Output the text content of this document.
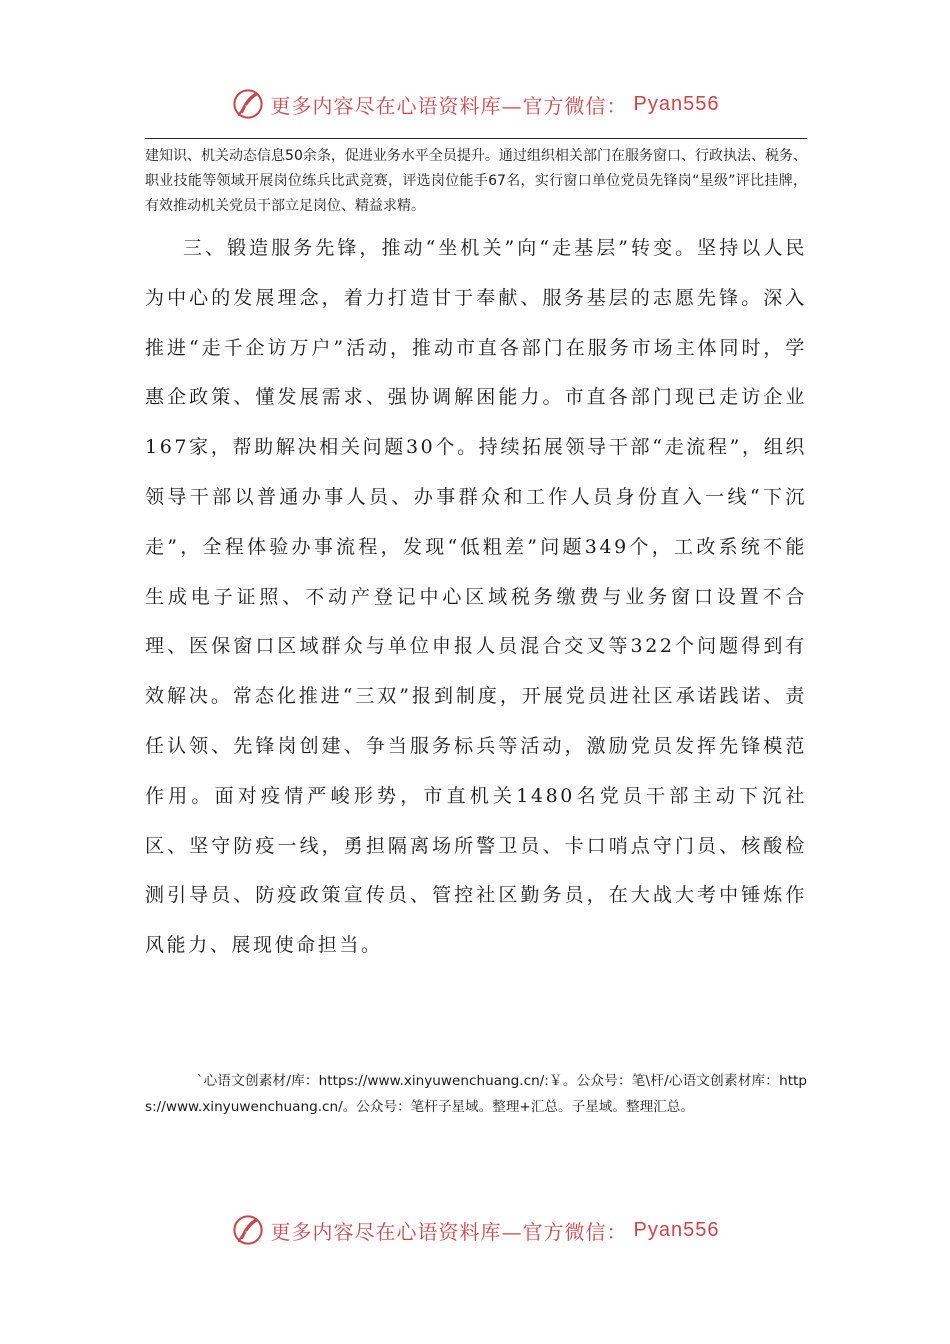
更多内容尽在心语资料库—官方微信： Pyan556

建知识、机关动态信息50余条，促进业务水平全员提升。通过组织相关部门在服务窗口、行政执法、税务、职业技能等领域开展岗位练兵比武竞赛，评选岗位能手67名，实行窗口单位党员先锋岗“星级”评比挂牌，有效推动机关党员干部立足岗位、精益求精。

三、锻造服务先锋，推动“坐机关”向“走基层”转变。坚持以人民为中心的发展理念，着力打造甘于奉献、服务基层的志愿先锋。深入推进“走千企访万户”活动，推动市直各部门在服务市场主体同时，学惠企政策、懂发展需求、强协调解困能力。市直各部门现已走访企业167家，帮助解决相关问题30个。持续拓展领导干部“走流程”，组织领导干部以普通办事人员、办事群众和工作人员身份直入一线“下沉走”，全程体验办事流程，发现“低粗差”问题349个，工改系统不能生成电子证照、不动产登记中心区域税务缴费与业务窗口设置不合理、医保窗口区域群众与单位申报人员混合交叉等322个问题得到有效解决。常态化推进“三双”报到制度，开展党员进社区承诺践诺、责任认领、先锋岗创建、争当服务标兵等活动，激励党员发挥先锋模范作用。面对疫情严峻形势，市直机关1480名党员干部主动下沉社区、坚守防疫一线，勇担隔离场所警卫员、卡口哨点守门员、核酸检测引导员、防疫政策宣传员、管控社区勤务员，在大战大考中锤炼作风能力、展现使命担当。

`心语文创素材/库：https://www.xinyuwenchuang.cn/:￥。公众号：笔\杆/心语文创素材库：https://www.xinyuwenchuang.cn/。公众号：笔杆子星域。整理+汇总。子星域。整理汇总。

更多内容尽在心语资料库—官方微信： Pyan556
